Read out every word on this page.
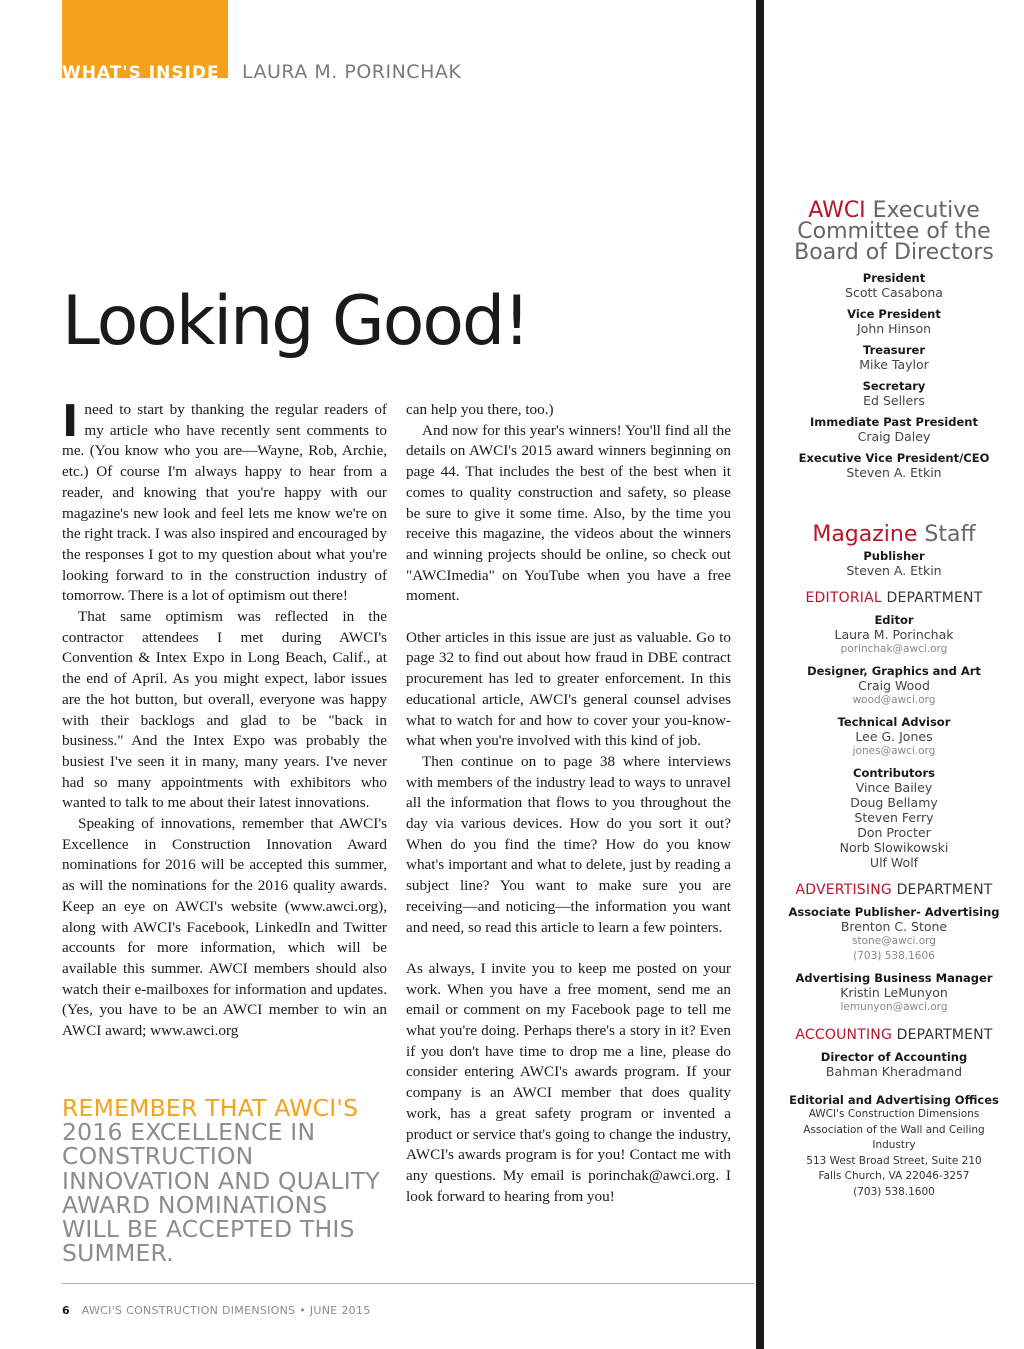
WHAT'S INSIDE	LAURA M. PORINCHAK
Looking Good!

Ineed to start by thanking the regular readers of my article who have recently sent comments to me. (You know who you are—Wayne, Rob, Archie, etc.) Of course I'm always happy to hear from a reader, and knowing that you're happy with our magazine's new look and feel lets me know we're on the right track. I was also inspired and encouraged by the responses I got to my question about what you're looking forward to in the construction industry of tomorrow. There is a lot of optimism out there!

That same optimism was reflected in the contractor attendees I met during AWCI's Convention & Intex Expo in Long Beach, Calif., at the end of April. As you might expect, labor issues are the hot button, but overall, everyone was happy with their backlogs and glad to be "back in business." And the Intex Expo was probably the busiest I've seen it in many, many years. I've never had so many appointments with exhibitors who wanted to talk to me about their latest innovations.

Speaking of innovations, remember that AWCI's Excellence in Construction Innovation Award nominations for 2016 will be accepted this summer, as will the nominations for the 2016 quality awards. Keep an eye on AWCI's website (www.awci.org), along with AWCI's Facebook, LinkedIn and Twitter accounts for more information, which will be available this summer. AWCI members should also watch their e-mailboxes for information and updates. (Yes, you have to be an AWCI member to win an AWCI award; www.awci.org

can help you there, too.)

And now for this year's winners! You'll find all the details on AWCI's 2015 award winners beginning on page 44. That includes the best of the best when it comes to quality construction and safety, so please be sure to give it some time. Also, by the time you receive this magazine, the videos about the winners and winning projects should be online, so check out "AWCImedia" on YouTube when you have a free moment.

Other articles in this issue are just as valuable. Go to page 32 to find out about how fraud in DBE contract procurement has led to greater enforcement. In this educational article, AWCI's general counsel advises what to watch for and how to cover your you-know-what when you're involved with this kind of job.

Then continue on to page 38 where interviews with members of the industry lead to ways to unravel all the information that flows to you throughout the day via various devices. How do you sort it out? When do you find the time? How do you know what's important and what to delete, just by reading a subject line? You want to make sure you are receiving—and noticing—the information you want and need, so read this article to learn a few pointers.

As always, I invite you to keep me posted on your work. When you have a free moment, send me an email or comment on my Facebook page to tell me what you're doing. Perhaps there's a story in it? Even if you don't have time to drop me a line, please do consider entering AWCI's awards program. If your company is an AWCI member that does quality work, has a great safety program or invented a product or service that's going to change the industry, AWCI's awards program is for you! Contact me with any questions. My email is porinchak@awci.org. I look forward to hearing from you!

REMEMBER THAT AWCI'S 2016 EXCELLENCE IN CONSTRUCTION INNOVATION AND QUALITY AWARD NOMINATIONS WILL BE ACCEPTED THIS SUMMER.

6 AWCI'S CONSTRUCTION DIMENSIONS • JUNE 2015
AWCI Executive Committee of the Board of Directors
President
Scott Casabona
Vice President
John Hinson
Treasurer
Mike Taylor
Secretary
Ed Sellers
Immediate Past President
Craig Daley
Executive Vice President/CEO
Steven A. Etkin
Magazine Staff
Publisher
Steven A. Etkin
EDITORIAL DEPARTMENT
Editor
Laura M. Porinchak
porinchak@awci.org
Designer, Graphics and Art
Craig Wood
wood@awci.org
Technical Advisor
Lee G. Jones
jones@awci.org
Contributors
Vince Bailey
Doug Bellamy
Steven Ferry
Don Procter
Norb Slowikowski
Ulf Wolf
ADVERTISING DEPARTMENT
Associate Publisher- Advertising
Brenton C. Stone
stone@awci.org
(703) 538.1606
Advertising Business Manager
Kristin LeMunyon
lemunyon@awci.org
ACCOUNTING DEPARTMENT
Director of Accounting
Bahman Kheradmand
Editorial and Advertising Offices
AWCI's Construction Dimensions
Association of the Wall and Ceiling Industry
513 West Broad Street, Suite 210
Falls Church, VA 22046-3257
(703) 538.1600
